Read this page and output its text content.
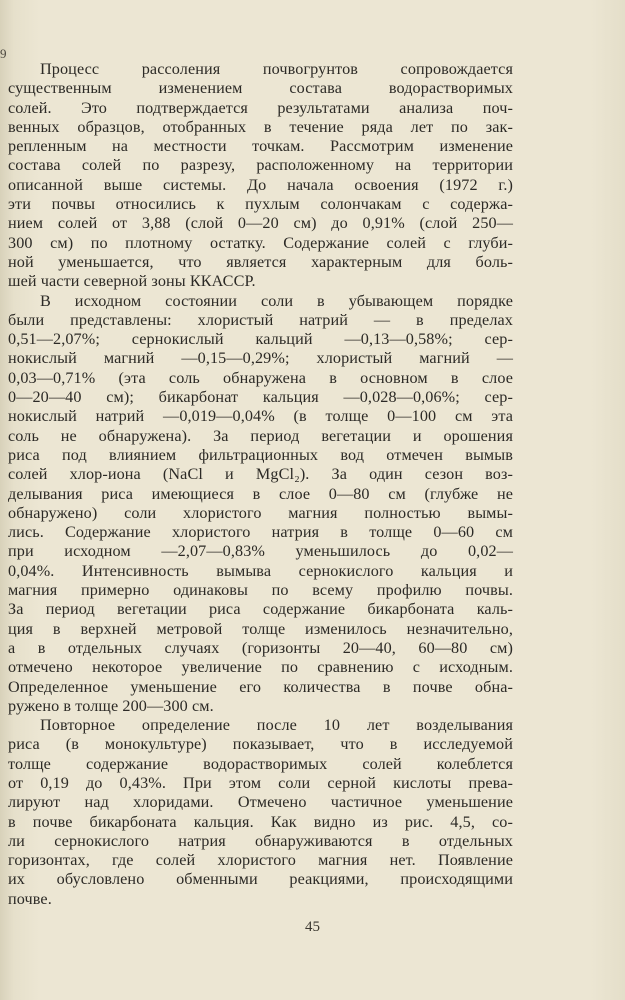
9
Процесс рассоления почвогрунтов сопровождается
существенным изменением состава водорастворимых
солей. Это подтверждается результатами анализа поч-
венных образцов, отобранных в течение ряда лет по зак-
репленным на местности точкам. Рассмотрим изменение
состава солей по разрезу, расположенному на территории
описанной выше системы. До начала освоения (1972 г.)
эти почвы относились к пухлым солончакам с содержа-
нием солей от 3,88 (слой 0—20 см) до 0,91% (слой 250—
300 см) по плотному остатку. Содержание солей с глуби-
ной уменьшается, что является характерным для боль-
шей части северной зоны ККАССР.
В исходном состоянии соли в убывающем порядке
были представлены: хлористый натрий — в пределах
0,51—2,07%; сернокислый кальций —0,13—0,58%; сер-
нокислый магний —0,15—0,29%; хлористый магний —
0,03—0,71% (эта соль обнаружена в основном в слое
0—20—40 см); бикарбонат кальция —0,028—0,06%; сер-
нокислый натрий —0,019—0,04% (в толще 0—100 см эта
соль не обнаружена). За период вегетации и орошения
риса под влиянием фильтрационных вод отмечен вымыв
солей хлор-иона (NaCl и MgCl₂). За один сезон воз-
делывания риса имеющиеся в слое 0—80 см (глубже не
обнаружено) соли хлористого магния полностью вымы-
лись. Содержание хлористого натрия в толще 0—60 см
при исходном —2,07—0,83% уменьшилось до 0,02—
0,04%. Интенсивность вымыва сернокислого кальция и
магния примерно одинаковы по всему профилю почвы.
За период вегетации риса содержание бикарбоната каль-
ция в верхней метровой толще изменилось незначительно,
а в отдельных случаях (горизонты 20—40, 60—80 см)
отмечено некоторое увеличение по сравнению с исходным.
Определенное уменьшение его количества в почве обна-
ружено в толще 200—300 см.
Повторное определение после 10 лет возделывания
риса (в монокультуре) показывает, что в исследуемой
толще содержание водорастворимых солей колеблется
от 0,19 до 0,43%. При этом соли серной кислоты прева-
лируют над хлоридами. Отмечено частичное уменьшение
в почве бикарбоната кальция. Как видно из рис. 4,5, со-
ли сернокислого натрия обнаруживаются в отдельных
горизонтах, где солей хлористого магния нет. Появление
их обусловлено обменными реакциями, происходящими
почве.
45
